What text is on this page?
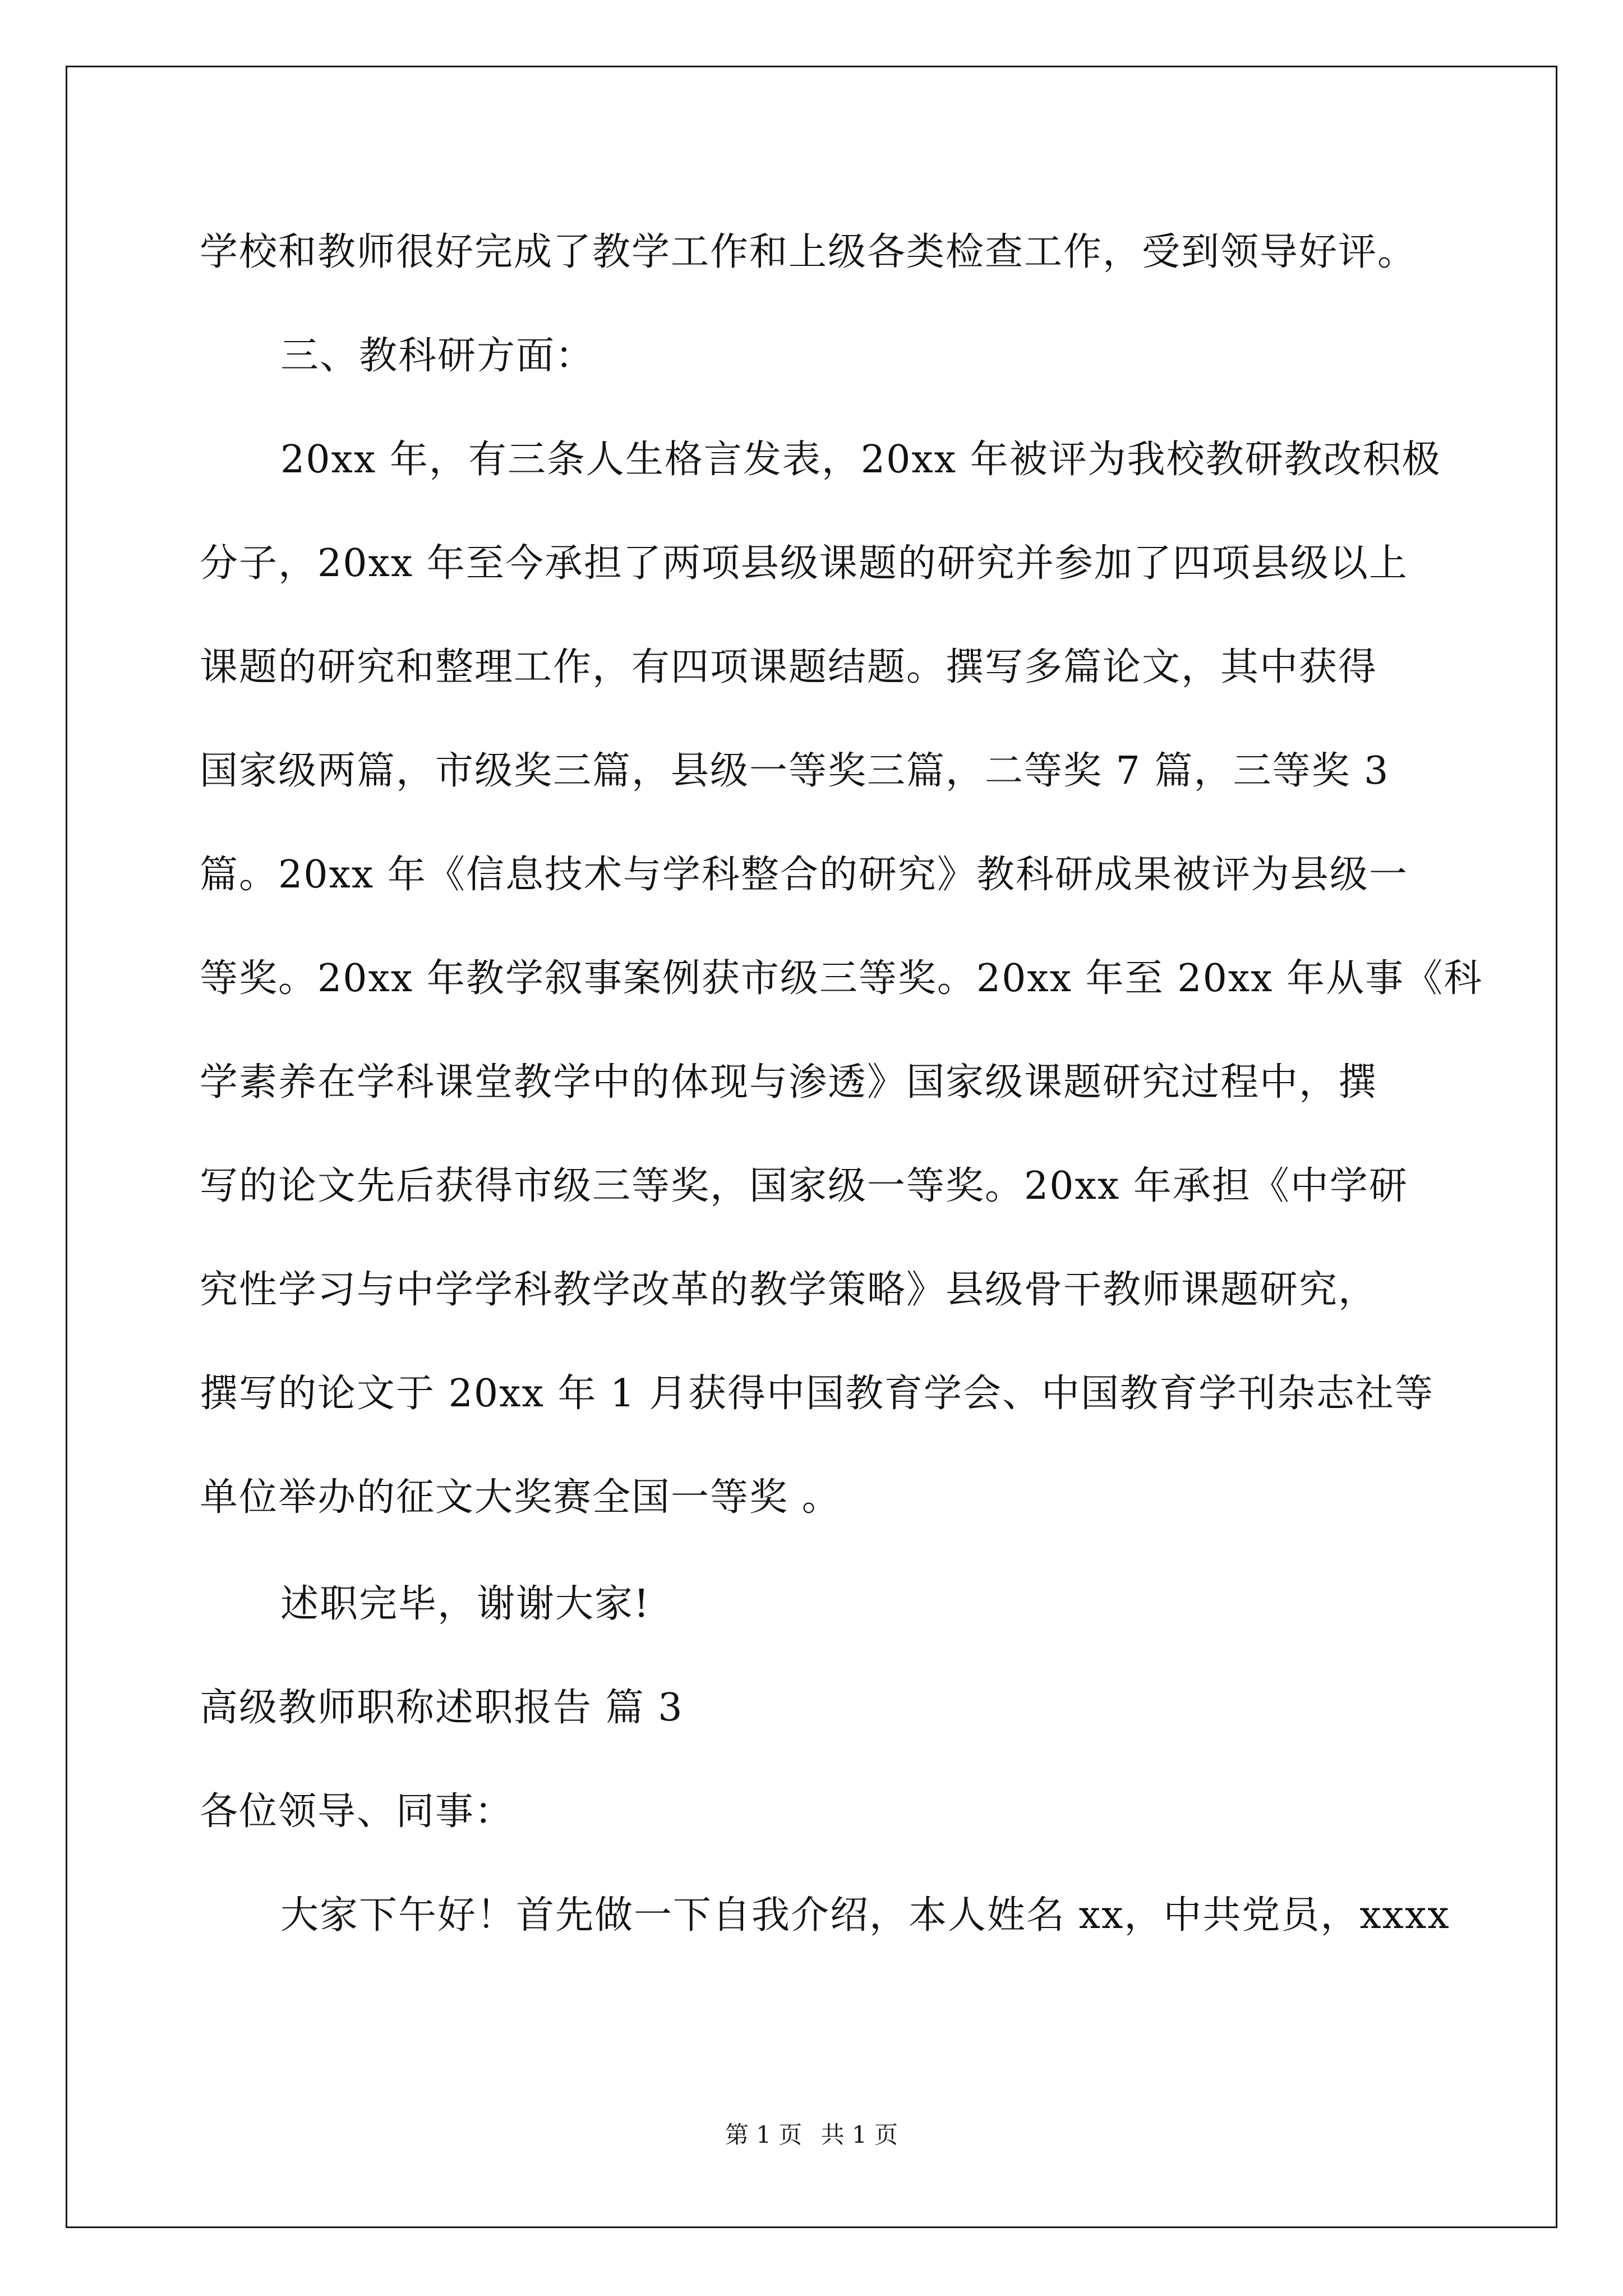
学校和教师很好完成了教学工作和上级各类检查工作，受到领导好评。
三、教科研方面：
20xx 年，有三条人生格言发表，20xx 年被评为我校教研教改积极
分子，20xx 年至今承担了两项县级课题的研究并参加了四项县级以上
课题的研究和整理工作，有四项课题结题。撰写多篇论文，其中获得
国家级两篇，市级奖三篇，县级一等奖三篇，二等奖 7 篇，三等奖 3
篇。20xx 年《信息技术与学科整合的研究》教科研成果被评为县级一
等奖。20xx 年教学叙事案例获市级三等奖。20xx 年至 20xx 年从事《科
学素养在学科课堂教学中的体现与渗透》国家级课题研究过程中，撰
写的论文先后获得市级三等奖，国家级一等奖。20xx 年承担《中学研
究性学习与中学学科教学改革的教学策略》县级骨干教师课题研究，
撰写的论文于 20xx 年 1 月获得中国教育学会、中国教育学刊杂志社等
单位举办的征文大奖赛全国一等奖 。
述职完毕，谢谢大家!
高级教师职称述职报告 篇 3
各位领导、同事：
大家下午好！首先做一下自我介绍，本人姓名 xx，中共党员，xxxx
第 1 页 共 1 页
